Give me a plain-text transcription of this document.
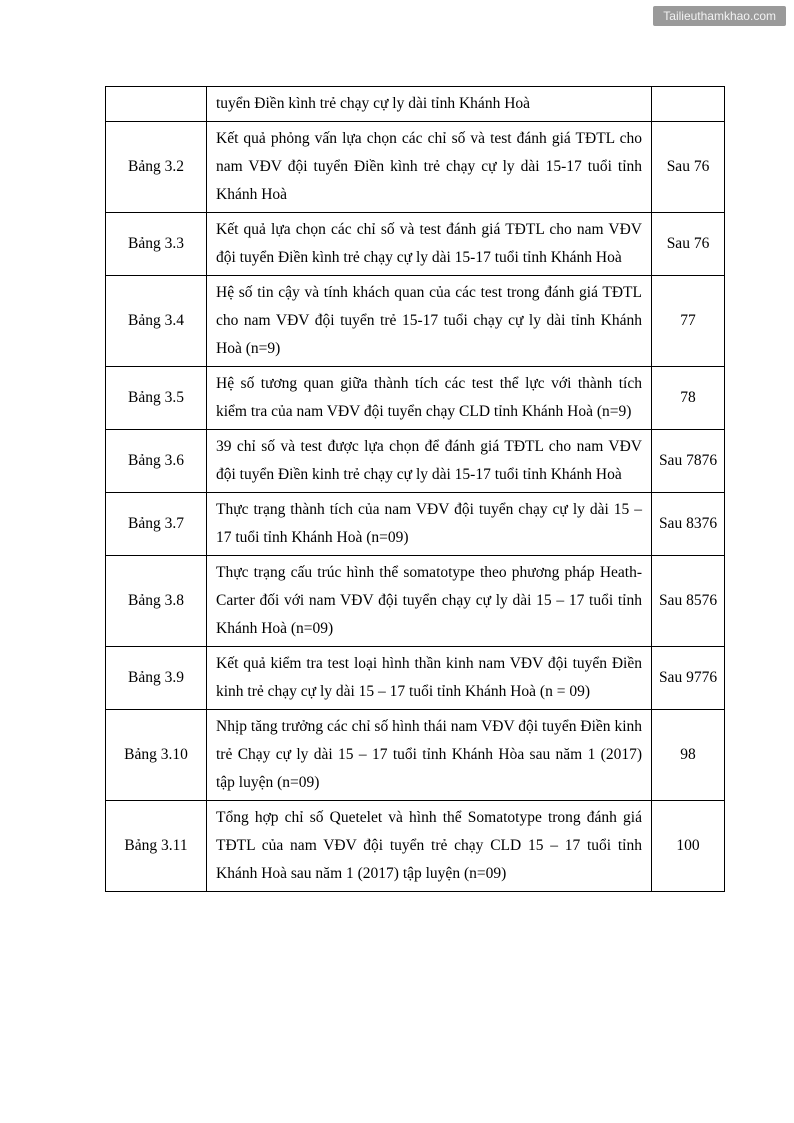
Tailieuthamkhao.com
	tuyển Điền kình trẻ chạy cự ly dài tỉnh Khánh Hoà	
Bảng 3.2	Kết quả phỏng vấn lựa chọn các chỉ số và test đánh giá TĐTL cho nam VĐV đội tuyển Điền kình trẻ chạy cự ly dài 15-17 tuổi tỉnh Khánh Hoà	Sau 76
Bảng 3.3	Kết quả lựa chọn các chỉ số và test đánh giá TĐTL cho nam VĐV đội tuyển Điền kình trẻ chạy cự ly dài 15-17 tuổi tỉnh Khánh Hoà	Sau 76
Bảng 3.4	Hệ số tin cậy và tính khách quan của các test trong đánh giá TĐTL cho nam VĐV đội tuyển trẻ 15-17 tuổi chạy cự ly dài tỉnh Khánh Hoà (n=9)	77
Bảng 3.5	Hệ số tương quan giữa thành tích các test thể lực với thành tích kiểm tra của nam VĐV đội tuyển chạy CLD tỉnh Khánh Hoà (n=9)	78
Bảng 3.6	39 chỉ số và test được lựa chọn để đánh giá TĐTL cho nam VĐV đội tuyển Điền kinh trẻ chạy cự ly dài 15-17 tuổi tỉnh Khánh Hoà	Sau 7876
Bảng 3.7	Thực trạng thành tích của nam VĐV đội tuyển chạy cự ly dài 15 – 17 tuổi tỉnh Khánh Hoà (n=09)	Sau 8376
Bảng 3.8	Thực trạng cấu trúc hình thể somatotype theo phương pháp Heath-Carter đối với nam VĐV đội tuyển chạy cự ly dài 15 – 17 tuổi tỉnh Khánh Hoà (n=09)	Sau 8576
Bảng 3.9	Kết quả kiểm tra test loại hình thần kinh nam VĐV đội tuyển Điền kinh trẻ chạy cự ly dài 15 – 17 tuổi tỉnh Khánh Hoà (n = 09)	Sau 9776
Bảng 3.10	Nhịp tăng trưởng các chỉ số hình thái nam VĐV đội tuyển Điền kinh trẻ Chạy cự ly dài 15 – 17 tuổi tỉnh Khánh Hòa sau năm 1 (2017) tập luyện (n=09)	98
Bảng 3.11	Tổng hợp chỉ số Quetelet và hình thể Somatotype trong đánh giá TĐTL của nam VĐV đội tuyển trẻ chạy CLD 15 – 17 tuổi tỉnh Khánh Hoà sau năm 1 (2017) tập luyện (n=09)	100
